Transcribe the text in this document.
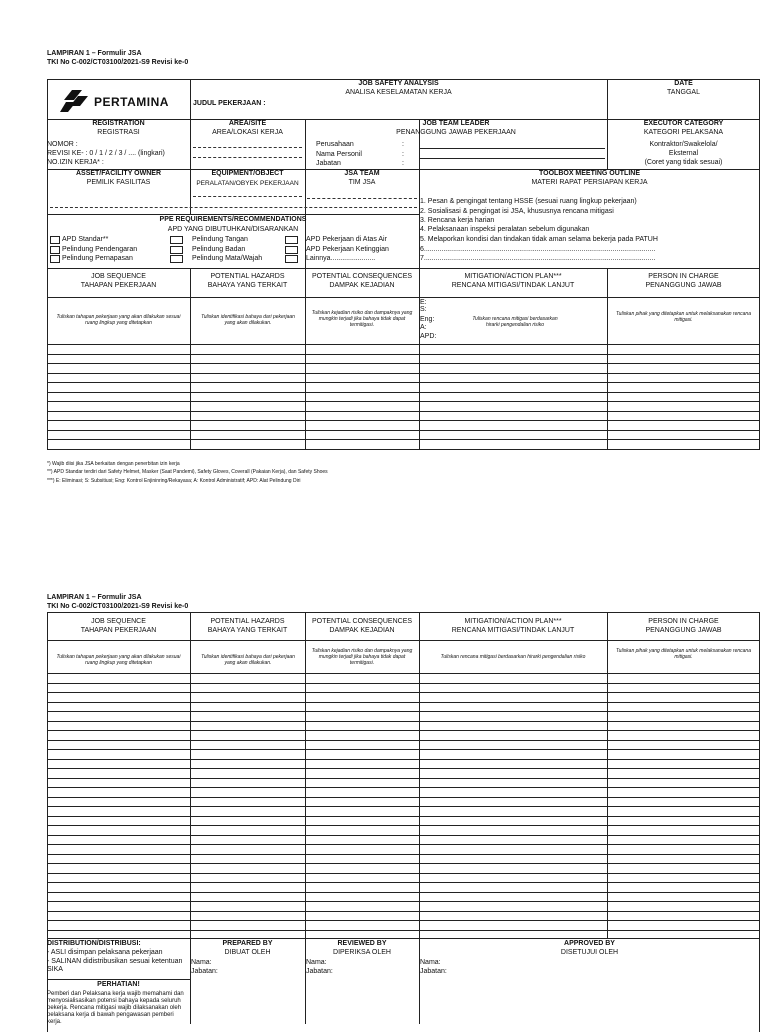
LAMPIRAN 1 – Formulir JSA
TKI No C-002/CT03100/2021-S9 Revisi ke-0
PERTAMINA	JUDUL PEKERJAAN :
JOB SAFETY ANALYSIS
ANALISA KESELAMATAN KERJA
DATE
TANGGAL
REGISTRATION
REGISTRASI
NOMOR :
REVISI KE- : 0 / 1 / 2 / 3 / .... (lingkari)
NO.IZIN KERJA* :
AREA/SITE
AREA/LOKASI KERJA
JOB TEAM LEADER
PENANGGUNG JAWAB PEKERJAAN
Perusahaan
Nama Personil
Jabatan
:
:
:
EXECUTOR CATEGORY
KATEGORI PELAKSANA
Kontraktor/Swakelola/
Eksternal
(Coret yang tidak sesuai)
ASSET/FACILITY OWNER
PEMILIK FASILITAS
EQUIPMENT/OBJECT
PERALATAN/OBYEK PEKERJAAN
JSA TEAM
TIM JSA
TOOLBOX MEETING OUTLINE
MATERI RAPAT PERSIAPAN KERJA
1. Pesan & pengingat tentang HSSE (sesuai ruang lingkup pekerjaan)
2. Sosialisasi & pengingat isi JSA, khususnya rencana mitigasi
3. Rencana kerja harian
4. Pelaksanaan inspeksi peralatan sebelum digunakan
5. Melaporkan kondisi dan tindakan tidak aman selama bekerja pada PATUH
6.......................................................................................................................
7.......................................................................................................................
PPE REQUIREMENTS/RECOMMENDATIONS
APD YANG DIBUTUHKAN/DISARANKAN
APD Standar**
Pelindung Pendengaran
Pelindung Pernapasan
Pelindung Tangan
Pelindung Badan
Pelindung Mata/Wajah
APD Pekerjaan di Atas Air
APD Pekerjaan Ketinggian
Lainnya.......................
JOB SEQUENCE
TAHAPAN PEKERJAAN
POTENTIAL HAZARDS
BAHAYA YANG TERKAIT
POTENTIAL CONSEQUENCES
DAMPAK KEJADIAN
MITIGATION/ACTION PLAN***
RENCANA MITIGASI/TINDAK LANJUT
PERSON IN CHARGE
PENANGGUNG JAWAB
Tuliskan tahapan pekerjaan yang akan dilakukan sesuai ruang lingkup yang ditetapkan
Tuliskan identifikasi bahaya dari pekerjaan yang akan dilakukan.
Tuliskan kejadian risiko dan dampaknya yang mungkin terjadi jika bahaya tidak dapat termitigasi.
E:
S:
Eng:
A:
APD:
Tuliskan rencana mitigasi berdasarkan hirarki pengendalian risiko
Tuliskan pihak yang ditetapkan untuk melaksanakan rencana mitigasi.
*) Wajib diisi jika JSA berkaitan dengan penerbitan izin kerja
**) APD Standar terdiri dari Safety Helmet, Masker (Saat Pandemi), Safety Gloves, Coverall (Pakaian Kerja), dan Safety Shoes
***) E: Eliminasi; S: Subsitiusi; Eng: Kontrol Enjininring/Rekayasa; A: Kontrol Administratif; APD: Alat Pelindung Diri
LAMPIRAN 1 – Formulir JSA
TKI No C-002/CT03100/2021-S9 Revisi ke-0
JOB SEQUENCE
TAHAPAN PEKERJAAN
POTENTIAL HAZARDS
BAHAYA YANG TERKAIT
POTENTIAL CONSEQUENCES
DAMPAK KEJADIAN
MITIGATION/ACTION PLAN***
RENCANA MITIGASI/TINDAK LANJUT
PERSON IN CHARGE
PENANGGUNG JAWAB
Tuliskan tahapan pekerjaan yang akan dilakukan sesuai ruang lingkup yang ditetapkan
Tuliskan identifikasi bahaya dari pekerjaan yang akan dilakukan.
Tuliskan kejadian risiko dan dampaknya yang mungkin terjadi jika bahaya tidak dapat termitigasi.
Tuliskan rencana mitigasi berdasarkan hirarki pengendalian risiko
Tuliskan pihak yang ditetapkan untuk melaksanakan rencana mitigasi.
DISTRIBUTION/DISTRIBUSI:
- ASLI disimpan pelaksana pekerjaan
- SALINAN didistribusikan sesuai ketentuan SIKA
PERHATIAN!
Pemberi dan Pelaksana kerja wajib memahami dan menyosialisasikan potensi bahaya kepada seluruh pekerja. Rencana mitigasi wajib dilaksanakan oleh pelaksana kerja di bawah pengawasan pemberi kerja.
PREPARED BY
DIBUAT OLEH
Nama:
Jabatan:
REVIEWED BY
DIPERIKSA OLEH
Nama:
Jabatan:
APPROVED BY
DISETUJUI OLEH
Nama:
Jabatan:
